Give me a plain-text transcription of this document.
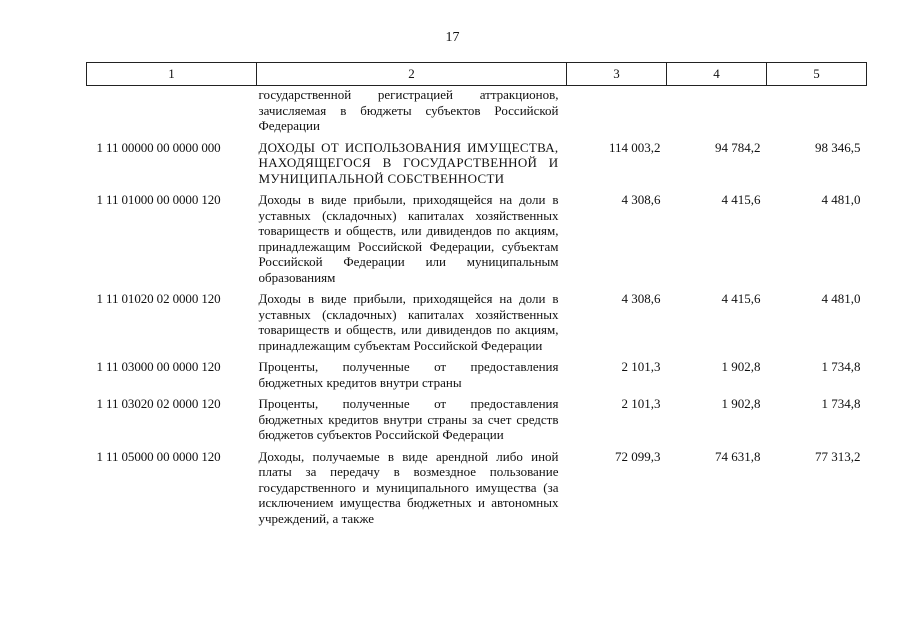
17
1	2	3	4	5
	государственной регистрацией аттракционов, зачисляемая в бюджеты субъектов Российской Федерации			
1 11 00000 00 0000 000	ДОХОДЫ ОТ ИСПОЛЬЗОВАНИЯ ИМУЩЕСТВА, НАХОДЯЩЕГОСЯ В ГОСУДАРСТВЕННОЙ И МУНИЦИПАЛЬНОЙ СОБСТВЕННОСТИ	114 003,2	94 784,2	98 346,5
1 11 01000 00 0000 120	Доходы в виде прибыли, приходящейся на доли в уставных (складочных) капиталах хозяйственных товариществ и обществ, или дивидендов по акциям, принадлежащим Российской Федерации, субъектам Российской Федерации или муниципальным образованиям	4 308,6	4 415,6	4 481,0
1 11 01020 02 0000 120	Доходы в виде прибыли, приходящейся на доли в уставных (складочных) капиталах хозяйственных товариществ и обществ, или дивидендов по акциям, принадлежащим субъектам Российской Федерации	4 308,6	4 415,6	4 481,0
1 11 03000 00 0000 120	Проценты, полученные от предоставления бюджетных кредитов внутри страны	2 101,3	1 902,8	1 734,8
1 11 03020 02 0000 120	Проценты, полученные от предоставления бюджетных кредитов внутри страны за счет средств бюджетов субъектов Российской Федерации	2 101,3	1 902,8	1 734,8
1 11 05000 00 0000 120	Доходы, получаемые в виде арендной либо иной платы за передачу в возмездное пользование государственного и муниципального имущества (за исключением имущества бюджетных и автономных учреждений, а также	72 099,3	74 631,8	77 313,2
